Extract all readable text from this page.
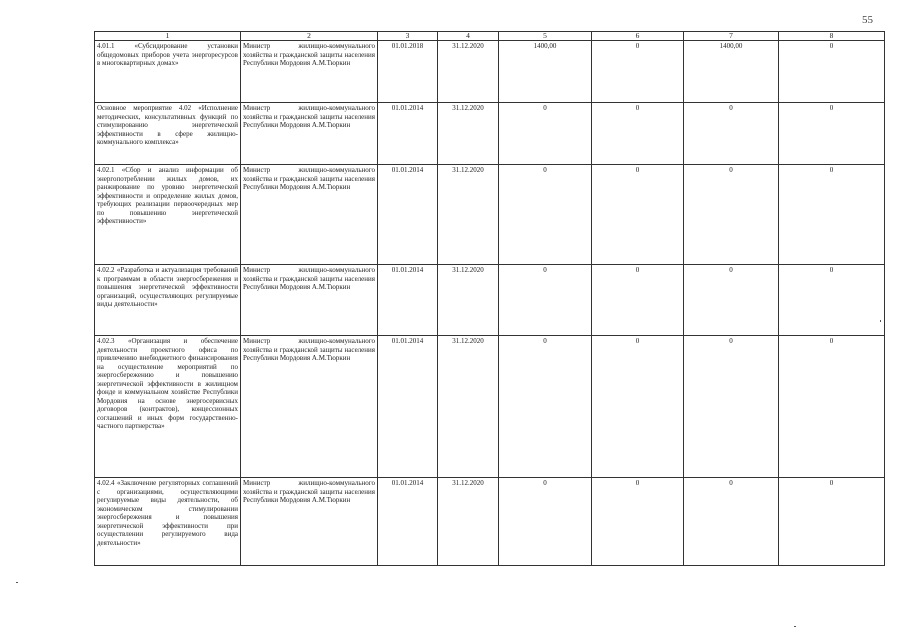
55
1	2	3	4	5	6	7	8
4.01.1 «Субсидирование установки общедомовых приборов учета энергоресурсов в многоквартирных домах»	Министр жилищно-коммунального хозяйства и гражданской защиты населения Республики Мордовия А.М.Тюркин	01.01.2018	31.12.2020	1400,00	0	1400,00	0
Основное мероприятие 4.02 «Исполнение методических, консультативных функций по стимулированию энергетической эффективности в сфере жилищно-коммунального комплекса»	Министр жилищно-коммунального хозяйства и гражданской защиты населения Республики Мордовия А.М.Тюркин	01.01.2014	31.12.2020	0	0	0	0
4.02.1 «Сбор и анализ информации об энергопотреблении жилых домов, их ранжирование по уровню энергетической эффективности и определение жилых домов, требующих реализации первоочередных мер по повышению энергетической эффективности»	Министр жилищно-коммунального хозяйства и гражданской защиты населения Республики Мордовия А.М.Тюркин	01.01.2014	31.12.2020	0	0	0	0
4.02.2 «Разработка и актуализация требований к программам в области энергосбережения и повышения энергетической эффективности организаций, осуществляющих регулируемые виды деятельности»	Министр жилищно-коммунального хозяйства и гражданской защиты населения Республики Мордовия А.М.Тюркин	01.01.2014	31.12.2020	0	0	0	0
4.02.3 «Организация и обеспечение деятельности проектного офиса по привлечению внебюджетного финансирования на осуществление мероприятий по энергосбережению и повышению энергетической эффективности в жилищном фонде и коммунальном хозяйстве Республики Мордовия на основе энергосервисных договоров (контрактов), концессионных соглашений и иных форм государственно-частного партнерства»	Министр жилищно-коммунального хозяйства и гражданской защиты населения Республики Мордовия А.М.Тюркин	01.01.2014	31.12.2020	0	0	0	0
4.02.4 «Заключение регуляторных соглашений с организациями, осуществляющими регулируемые виды деятельности, об экономическом стимулировании энергосбережения и повышения энергетической эффективности при осуществлении регулируемого вида деятельности»	Министр жилищно-коммунального хозяйства и гражданской защиты населения Республики Мордовия А.М.Тюркин	01.01.2014	31.12.2020	0	0	0	0
